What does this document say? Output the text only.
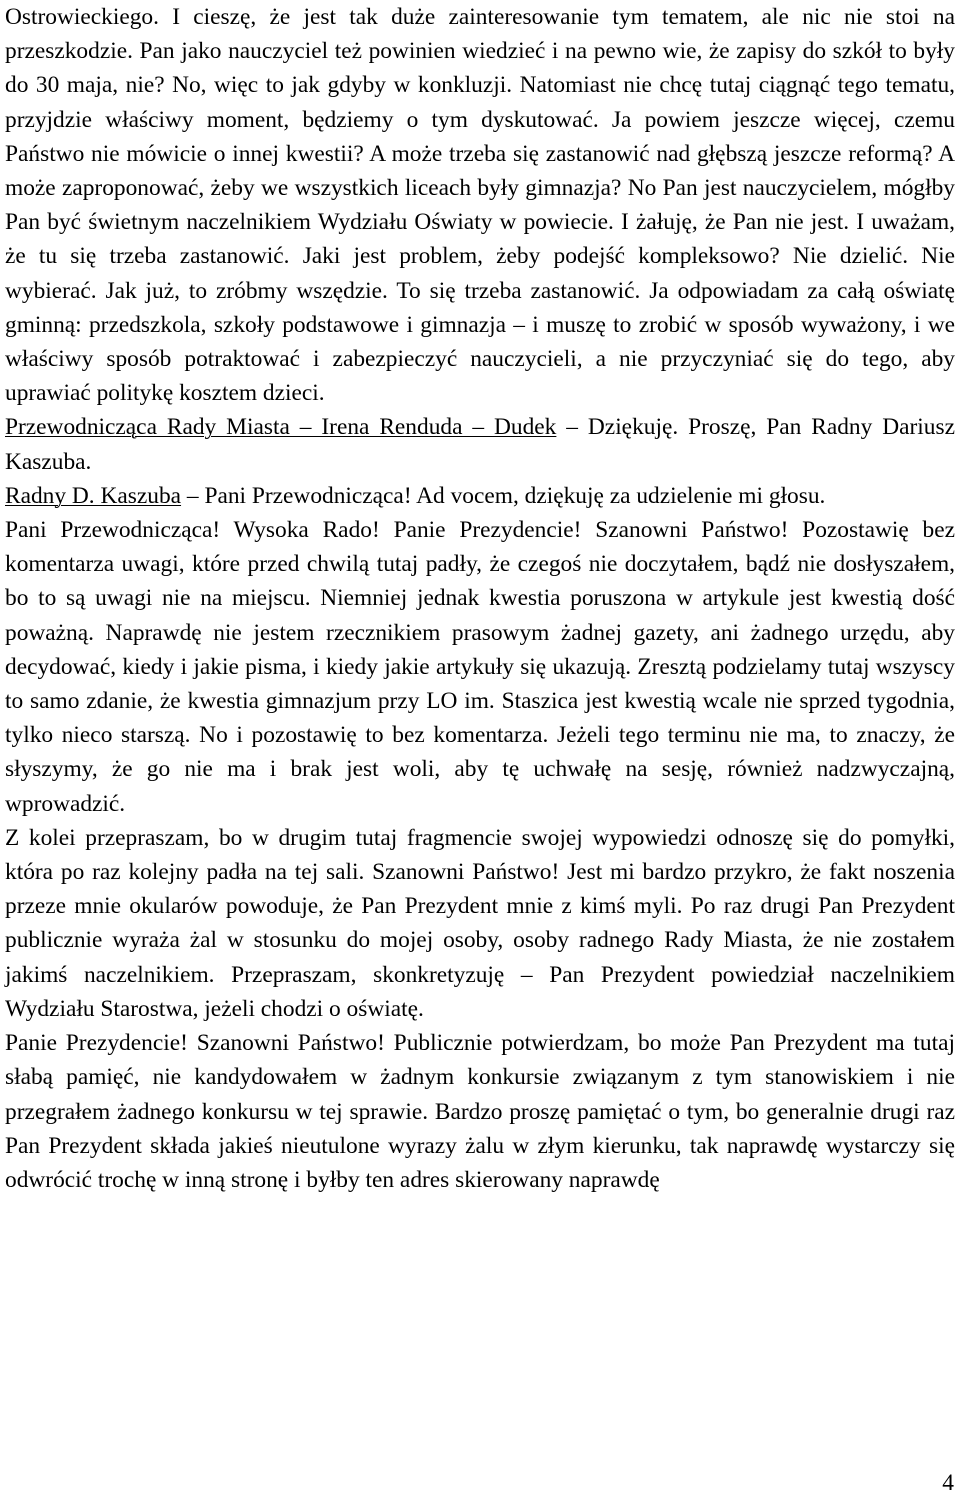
Ostrowieckiego. I cieszę, że jest tak duże zainteresowanie tym tematem, ale nic nie stoi na przeszkodzie. Pan jako nauczyciel też powinien wiedzieć i na pewno wie, że zapisy do szkół to były do 30 maja, nie? No, więc to jak gdyby w konkluzji. Natomiast nie chcę tutaj ciągnąć tego tematu, przyjdzie właściwy moment, będziemy o tym dyskutować. Ja powiem jeszcze więcej, czemu Państwo nie mówicie o innej kwestii? A może trzeba się zastanowić nad głębszą jeszcze reformą? A może zaproponować, żeby we wszystkich liceach były gimnazja? No Pan jest nauczycielem, mógłby Pan być świetnym naczelnikiem Wydziału Oświaty w powiecie. I żałuję, że Pan nie jest. I uważam, że tu się trzeba zastanowić. Jaki jest problem, żeby podejść kompleksowo? Nie dzielić. Nie wybierać. Jak już, to zróbmy wszędzie. To się trzeba zastanowić. Ja odpowiadam za całą oświatę gminną: przedszkola, szkoły podstawowe i gimnazja – i muszę to zrobić w sposób wyważony, i we właściwy sposób potraktować i zabezpieczyć nauczycieli, a nie przyczyniać się do tego, aby uprawiać politykę kosztem dzieci.

Przewodnicząca Rady Miasta – Irena Renduda – Dudek – Dziękuję. Proszę, Pan Radny Dariusz Kaszuba.

Radny D. Kaszuba – Pani Przewodnicząca! Ad vocem, dziękuję za udzielenie mi głosu.

Pani Przewodnicząca! Wysoka Rado! Panie Prezydencie! Szanowni Państwo! Pozostawię bez komentarza uwagi, które przed chwilą tutaj padły, że czegoś nie doczytałem, bądź nie dosłyszałem, bo to są uwagi nie na miejscu. Niemniej jednak kwestia poruszona w artykule jest kwestią dość poważną. Naprawdę nie jestem rzecznikiem prasowym żadnej gazety, ani żadnego urzędu, aby decydować, kiedy i jakie pisma, i kiedy jakie artykuły się ukazują. Zresztą podzielamy tutaj wszyscy to samo zdanie, że kwestia gimnazjum przy LO im. Staszica jest kwestią wcale nie sprzed tygodnia, tylko nieco starszą. No i pozostawię to bez komentarza. Jeżeli tego terminu nie ma, to znaczy, że słyszymy, że go nie ma i brak jest woli, aby tę uchwałę na sesję, również nadzwyczajną, wprowadzić.

Z kolei przepraszam, bo w drugim tutaj fragmencie swojej wypowiedzi odnoszę się do pomyłki, która po raz kolejny padła na tej sali. Szanowni Państwo! Jest mi bardzo przykro, że fakt noszenia przeze mnie okularów powoduje, że Pan Prezydent mnie z kimś myli. Po raz drugi Pan Prezydent publicznie wyraża żal w stosunku do mojej osoby, osoby radnego Rady Miasta, że nie zostałem jakimś naczelnikiem. Przepraszam, skonkretyzuję – Pan Prezydent powiedział naczelnikiem Wydziału Starostwa, jeżeli chodzi o oświatę.

Panie Prezydencie! Szanowni Państwo! Publicznie potwierdzam, bo może Pan Prezydent ma tutaj słabą pamięć, nie kandydowałem w żadnym konkursie związanym z tym stanowiskiem i nie przegrałem żadnego konkursu w tej sprawie. Bardzo proszę pamiętać o tym, bo generalnie drugi raz Pan Prezydent składa jakieś nieutulone wyrazy żalu w złym kierunku, tak naprawdę wystarczy się odwrócić trochę w inną stronę i byłby ten adres skierowany naprawdę

4
